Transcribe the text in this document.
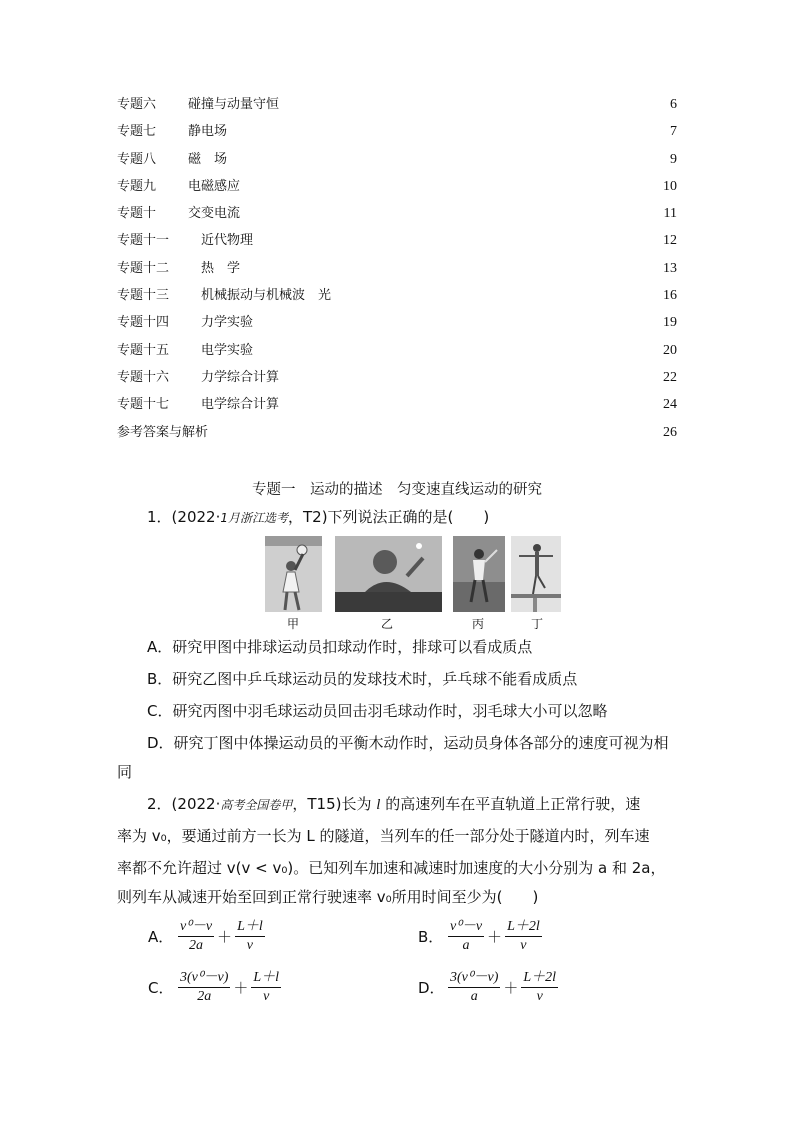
专题六 碰撞与动量守恒	6
专题七 静电场	7
专题八 磁　场	9
专题九 电磁感应	10
专题十 交变电流	11
专题十一 近代物理	12
专题十二 热　学	13
专题十三 机械振动与机械波　光	16
专题十四 力学实验	19
专题十五 电学实验	20
专题十六 力学综合计算	22
专题十七 电学综合计算	24
参考答案与解析	26
专题一　运动的描述　匀变速直线运动的研究
1．(2022·1月浙江选考，T2)下列说法正确的是(　　)
甲	乙	丙	丁
A．研究甲图中排球运动员扣球动作时，排球可以看成质点
B．研究乙图中乒乓球运动员的发球技术时，乒乓球不能看成质点
C．研究丙图中羽毛球运动员回击羽毛球动作时，羽毛球大小可以忽略
D．研究丁图中体操运动员的平衡木动作时，运动员身体各部分的速度可视为相同
2．(2022·高考全国卷甲，T15)长为 l 的高速列车在平直轨道上正常行驶，速
率为 v₀，要通过前方一长为 L 的隧道，当列车的任一部分处于隧道内时，列车速
率都不允许超过 v(v < v₀)。已知列车加速和减速时加速度的大小分别为 a 和 2a，
则列车从减速开始至回到正常行驶速率 v₀所用时间至少为(　　)
A． $\frac{\text{v⁰－v}}{2a} + \frac{L+l}{v}$	B． $\frac{\text{v⁰－v}}{a} + \frac{L+2l}{v}$
C． $\frac{\text{3(v⁰－v)}}{2a} + \frac{L+l}{v}$	D． $\frac{\text{3(v⁰－v)}}{a} + \frac{L+2l}{v}$
